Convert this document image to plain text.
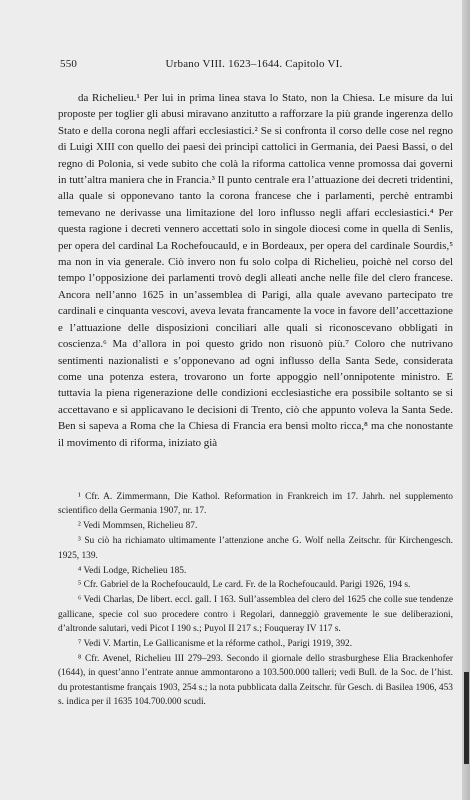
550	Urbano VIII. 1623–1644. Capitolo VI.

da Richelieu.¹ Per lui in prima linea stava lo Stato, non la Chiesa. Le misure da lui proposte per toglier gli abusi miravano anzitutto a rafforzare la più grande ingerenza dello Stato e della corona negli affari ecclesiastici.² Se si confronta il corso delle cose nel regno di Luigi XIII con quello dei paesi dei principi cattolici in Germania, dei Paesi Bassi, o del regno di Polonia, si vede subito che colà la riforma cattolica venne promossa dai governi in tutt’altra maniera che in Francia.³ Il punto centrale era l’attuazione dei decreti tridentini, alla quale si opponevano tanto la corona francese che i parlamenti, perchè entrambi temevano ne derivasse una limitazione del loro influsso negli affari ecclesiastici.⁴ Per questa ragione i decreti vennero accettati solo in singole diocesi come in quella di Senlis, per opera del cardinal La Rochefoucauld, e in Bordeaux, per opera del cardinale Sourdis,⁵ ma non in via generale. Ciò invero non fu solo colpa di Richelieu, poichè nel corso del tempo l’opposizione dei parlamenti trovò degli alleati anche nelle file del clero francese. Ancora nell’anno 1625 in un’assemblea di Parigi, alla quale avevano partecipato tre cardinali e cinquanta vescovi, aveva levata francamente la voce in favore dell’accettazione e l’attuazione delle disposizioni conciliari alle quali si riconoscevano obbligati in coscienza.⁶ Ma d’allora in poi questo grido non risuonò più.⁷ Coloro che nutrivano sentimenti nazionalisti e s’opponevano ad ogni influsso della Santa Sede, considerata come una potenza estera, trovarono un forte appoggio nell’onnipotente ministro. E tuttavia la piena rigenerazione delle condizioni ecclesiastiche era possibile soltanto se si accettavano e si applicavano le decisioni di Trento, ciò che appunto voleva la Santa Sede. Ben si sapeva a Roma che la Chiesa di Francia era bensì molto ricca,⁸ ma che nonostante il movimento di riforma, iniziato già

¹ Cfr. A. Zimmermann, Die Kathol. Reformation in Frankreich im 17. Jahrh. nel supplemento scientifico della Germania 1907, nr. 17.

² Vedi Mommsen, Richelieu 87.

³ Su ciò ha richiamato ultimamente l’attenzione anche G. Wolf nella Zeitschr. für Kirchengesch. 1925, 139.

⁴ Vedi Lodge, Richelieu 185.

⁵ Cfr. Gabriel de la Rochefoucauld, Le card. Fr. de la Rochefoucauld. Parigi 1926, 194 s.

⁶ Vedi Charlas, De libert. eccl. gall. I 163. Sull’assemblea del clero del 1625 che colle sue tendenze gallicane, specie col suo procedere contro i Regolari, danneggiò gravemente le sue deliberazioni, d’altronde salutari, vedi Picot I 190 s.; Puyol II 217 s.; Fouqueray IV 117 s.

⁷ Vedi V. Martin, Le Gallicanisme et la réforme cathol., Parigi 1919, 392.

⁸ Cfr. Avenel, Richelieu III 279–293. Secondo il giornale dello strasburghese Elia Brackenhofer (1644), in quest’anno l’entrate annue ammontarono a 103.500.000 talleri; vedi Bull. de la Soc. de l’hist. du protestantisme français 1903, 254 s.; la nota pubblicata dalla Zeitschr. für Gesch. di Basilea 1906, 453 s. indica per il 1635 104.700.000 scudi.
